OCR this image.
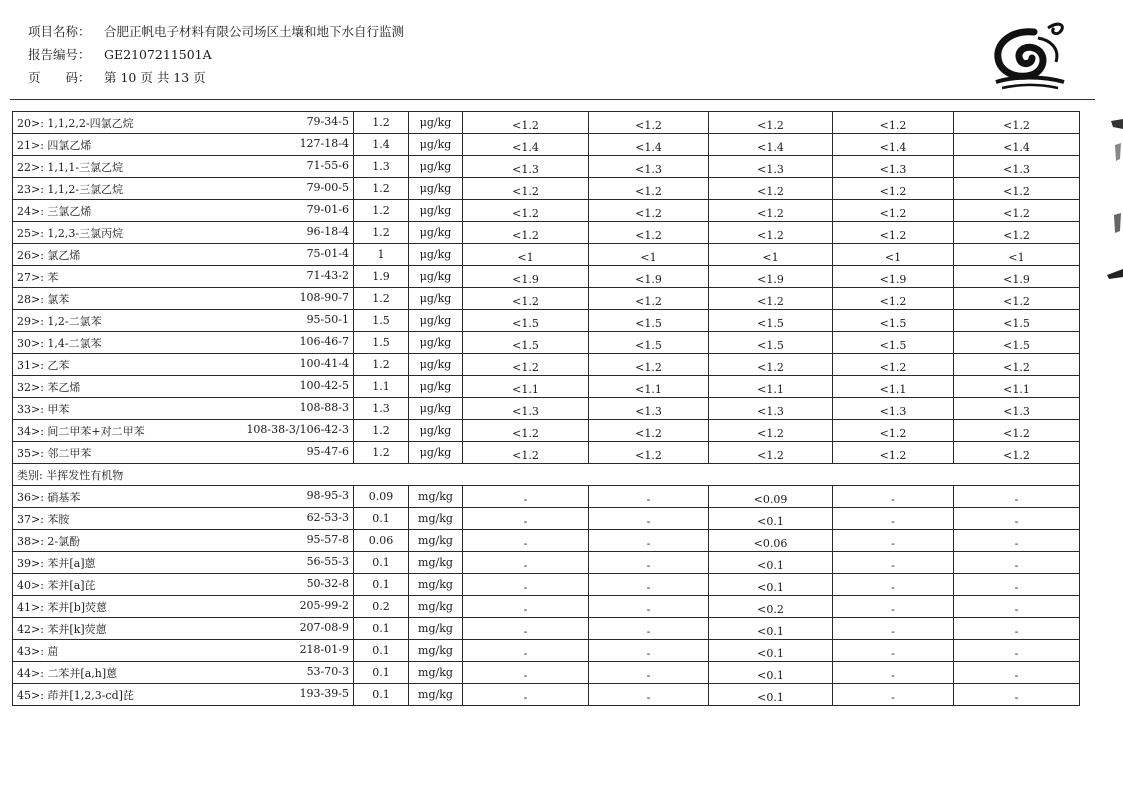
项目名称：	合肥正帆电子材料有限公司场区土壤和地下水自行监测
报告编号：	GE2107211501A
页　　码：	第 10 页 共 13 页
20>: 1,1,2,2-四氯乙烷 79-34-5	1.2	μg/kg	<1.2	<1.2	<1.2	<1.2	<1.2

21>: 四氯乙烯 127-18-4	1.4	μg/kg	<1.4	<1.4	<1.4	<1.4	<1.4

22>: 1,1,1-三氯乙烷 71-55-6	1.3	μg/kg	<1.3	<1.3	<1.3	<1.3	<1.3

23>: 1,1,2-三氯乙烷 79-00-5	1.2	μg/kg	<1.2	<1.2	<1.2	<1.2	<1.2

24>: 三氯乙烯 79-01-6	1.2	μg/kg	<1.2	<1.2	<1.2	<1.2	<1.2

25>: 1,2,3-三氯丙烷 96-18-4	1.2	μg/kg	<1.2	<1.2	<1.2	<1.2	<1.2

26>: 氯乙烯 75-01-4	1	μg/kg	<1	<1	<1	<1	<1

27>: 苯 71-43-2	1.9	μg/kg	<1.9	<1.9	<1.9	<1.9	<1.9

28>: 氯苯 108-90-7	1.2	μg/kg	<1.2	<1.2	<1.2	<1.2	<1.2

29>: 1,2-二氯苯 95-50-1	1.5	μg/kg	<1.5	<1.5	<1.5	<1.5	<1.5

30>: 1,4-二氯苯 106-46-7	1.5	μg/kg	<1.5	<1.5	<1.5	<1.5	<1.5

31>: 乙苯 100-41-4	1.2	μg/kg	<1.2	<1.2	<1.2	<1.2	<1.2

32>: 苯乙烯 100-42-5	1.1	μg/kg	<1.1	<1.1	<1.1	<1.1	<1.1

33>: 甲苯 108-88-3	1.3	μg/kg	<1.3	<1.3	<1.3	<1.3	<1.3

34>: 间二甲苯+对二甲苯 108-38-3/106-42-3	1.2	μg/kg	<1.2	<1.2	<1.2	<1.2	<1.2

35>: 邻二甲苯 95-47-6	1.2	μg/kg	<1.2	<1.2	<1.2	<1.2	<1.2
类别: 半挥发性有机物							

36>: 硝基苯 98-95-3	0.09	mg/kg	-	-	<0.09	-	-

37>: 苯胺 62-53-3	0.1	mg/kg	-	-	<0.1	-	-

38>: 2-氯酚 95-57-8	0.06	mg/kg	-	-	<0.06	-	-

39>: 苯并[a]蒽 56-55-3	0.1	mg/kg	-	-	<0.1	-	-

40>: 苯并[a]芘 50-32-8	0.1	mg/kg	-	-	<0.1	-	-

41>: 苯并[b]荧蒽 205-99-2	0.2	mg/kg	-	-	<0.2	-	-

42>: 苯并[k]荧蒽 207-08-9	0.1	mg/kg	-	-	<0.1	-	-

43>: 䓛 218-01-9	0.1	mg/kg	-	-	<0.1	-	-

44>: 二苯并[a,h]蒽 53-70-3	0.1	mg/kg	-	-	<0.1	-	-

45>: 茚并[1,2,3-cd]芘 193-39-5	0.1	mg/kg	-	-	<0.1	-	-
